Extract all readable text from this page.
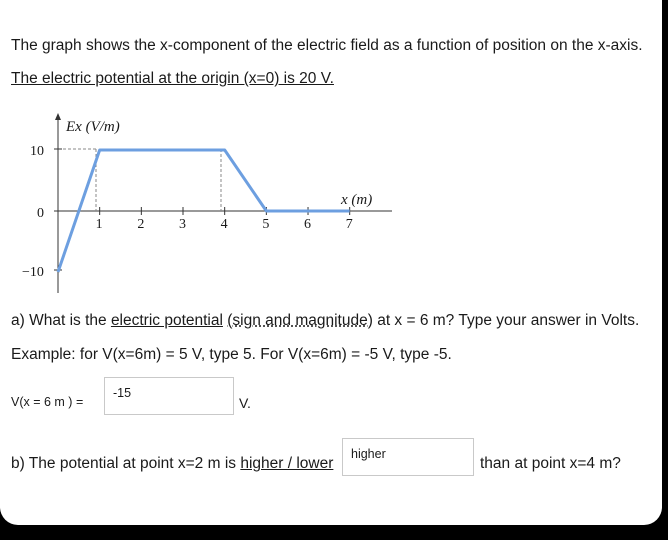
The graph shows the x-component of the electric field as a function of position on the x-axis.
The electric potential at the origin (x=0) is 20 V.
Ex (V/m)
x (m)
10
0
−10
1 2 3 4 5 6 7
a) What is the electric potential (sign and magnitude) at x = 6 m? Type your answer in Volts.
Example: for V(x=6m) = 5 V, type 5. For V(x=6m) = -5 V, type -5.
V(x = 6 m ) =
-15
V.
b) The potential at point x=2 m is higher / lower
higher
than at point x=4 m?
